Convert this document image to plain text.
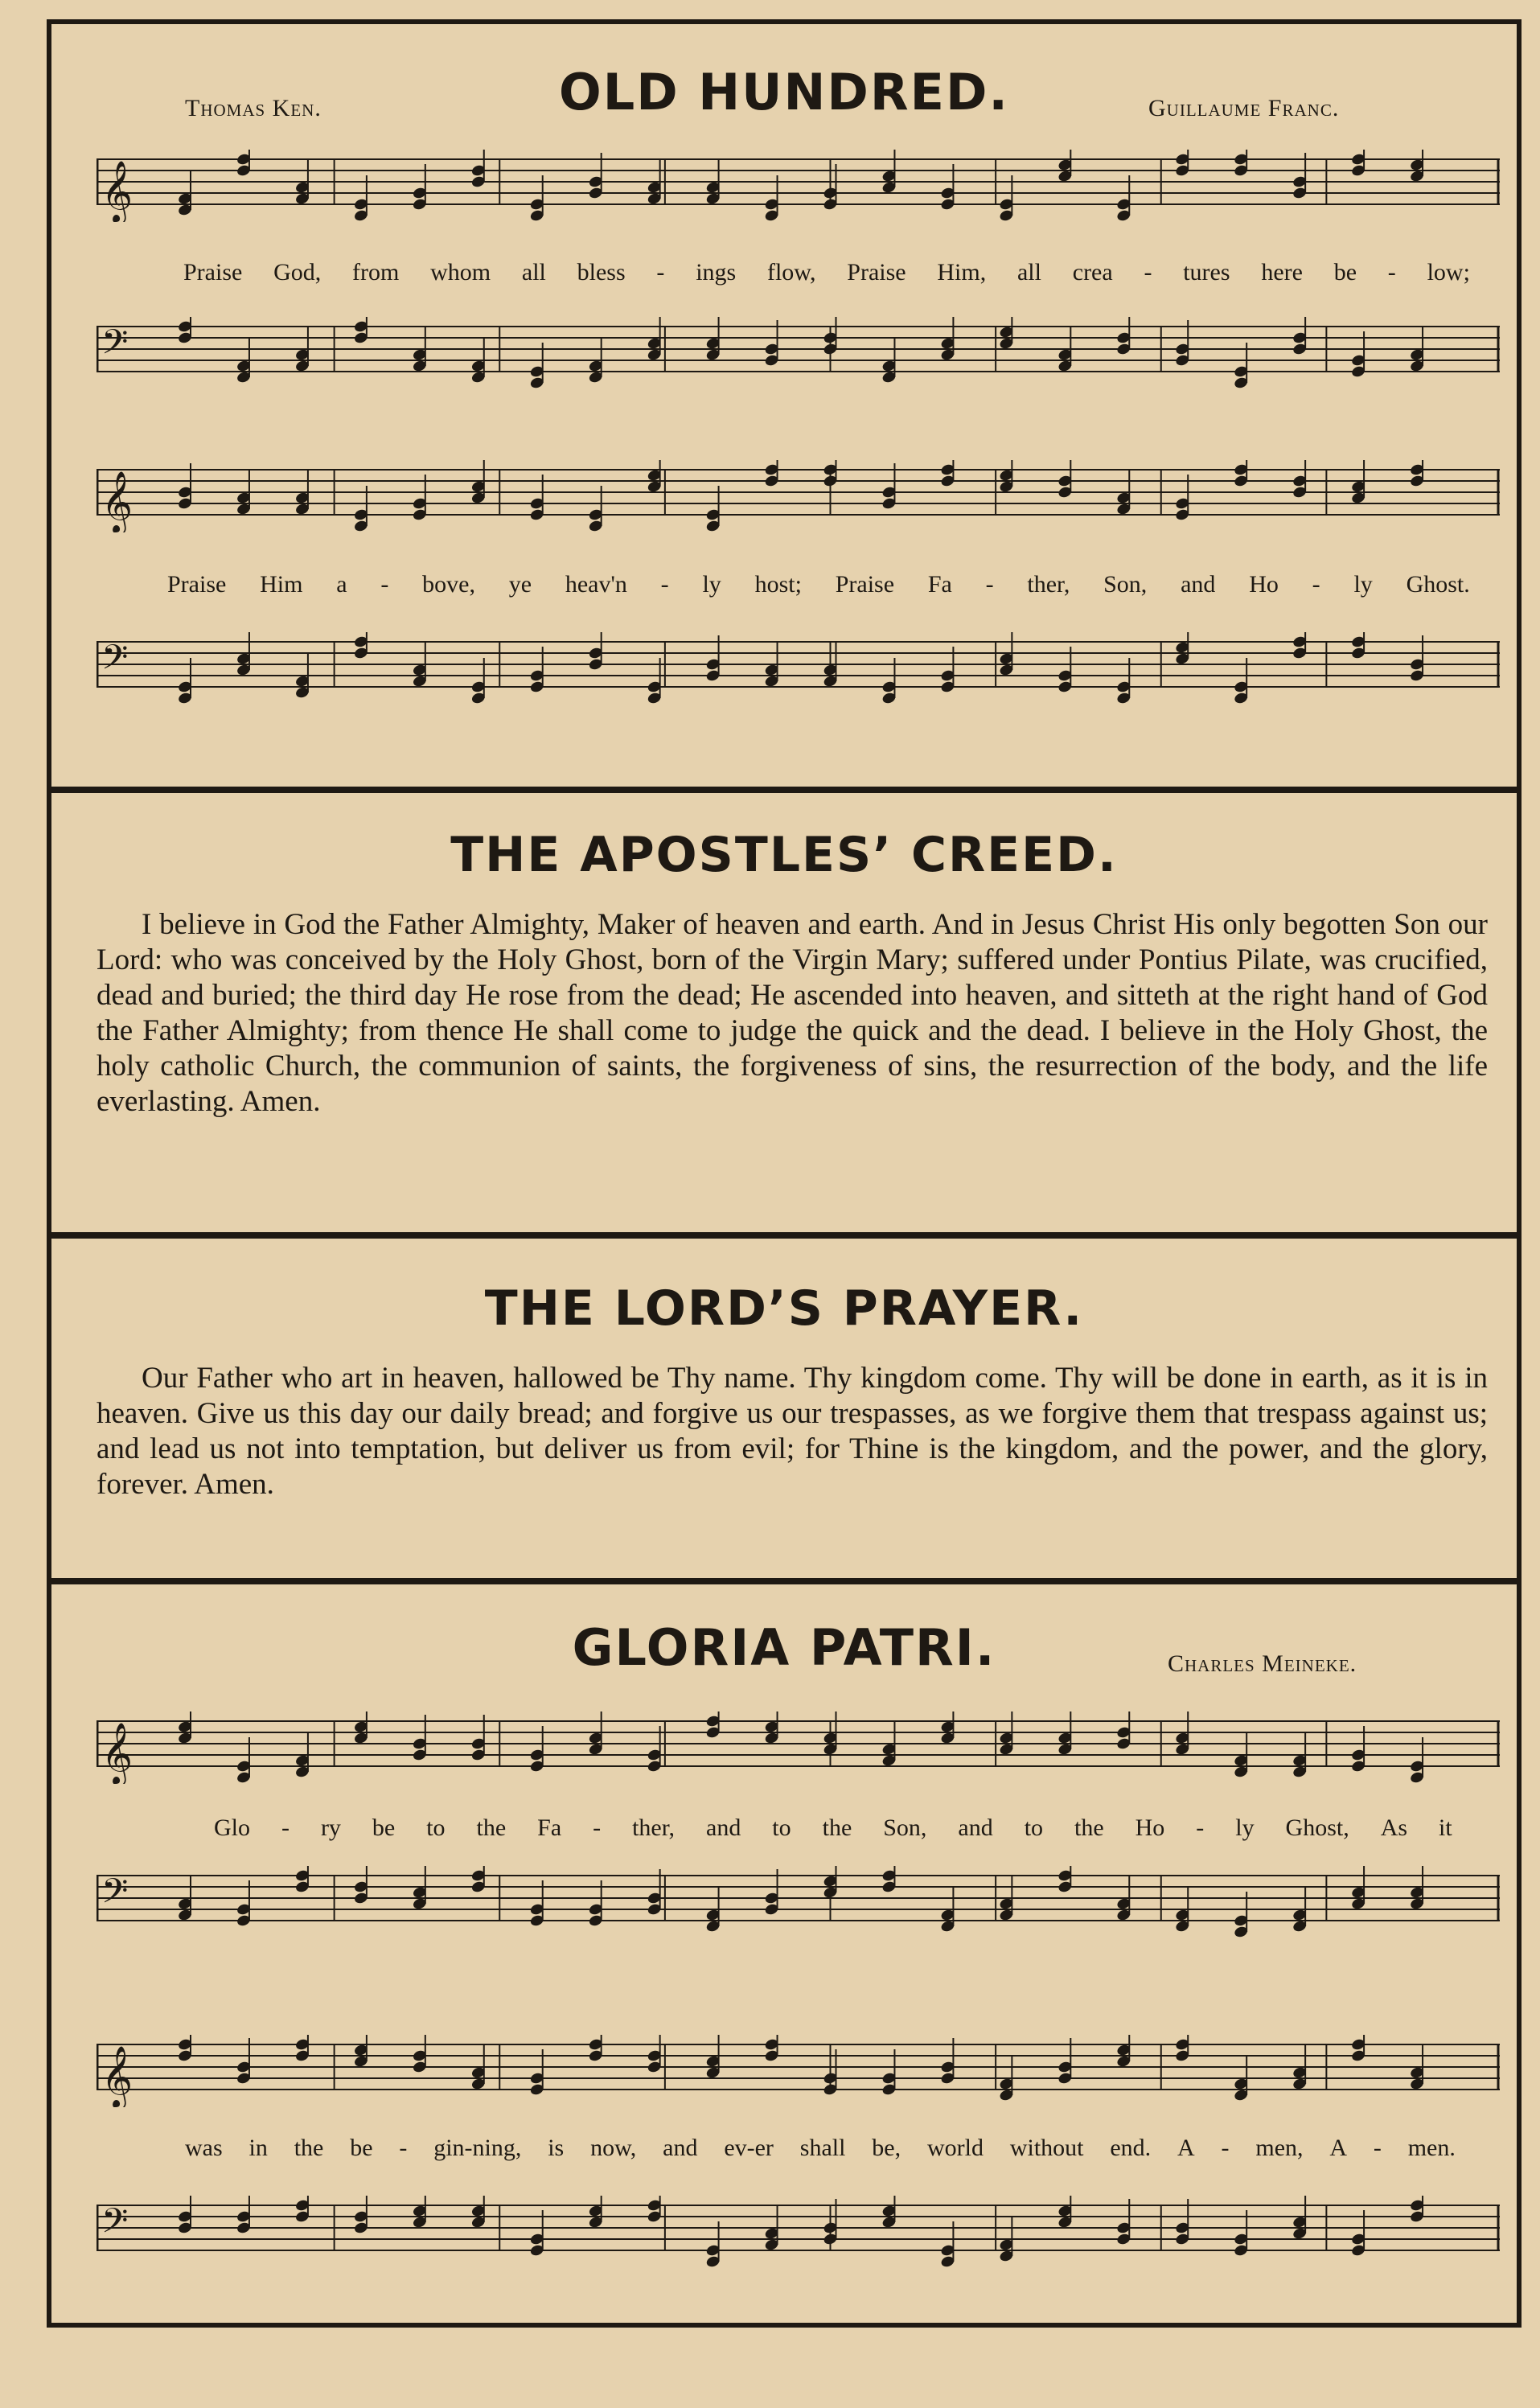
OLD HUNDRED.
Thomas Ken.	Guillaume Franc.
𝄞
Praise God, from whom all bless - ings flow, Praise Him, all crea - tures here be - low;
𝄢
𝄞
Praise Him a - bove, ye heav'n - ly host; Praise Fa - ther, Son, and Ho - ly Ghost.
𝄢
THE APOSTLES’ CREED.
I believe in God the Father Almighty, Maker of heaven and earth. And in Jesus Christ His only begotten Son our Lord: who was conceived by the Holy Ghost, born of the Virgin Mary; suffered under Pontius Pilate, was crucified, dead and buried; the third day He rose from the dead; He ascended into heaven, and sitteth at the right hand of God the Father Almighty; from thence He shall come to judge the quick and the dead. I believe in the Holy Ghost, the holy catholic Church, the communion of saints, the forgiveness of sins, the resurrection of the body, and the life everlasting. Amen.
THE LORD’S PRAYER.
Our Father who art in heaven, hallowed be Thy name. Thy kingdom come. Thy will be done in earth, as it is in heaven. Give us this day our daily bread; and forgive us our trespasses, as we forgive them that trespass against us; and lead us not into temptation, but deliver us from evil; for Thine is the kingdom, and the power, and the glory, forever. Amen.
GLORIA PATRI.	Charles Meineke.
𝄞
Glo - ry be to the Fa - ther, and to the Son, and to the Ho - ly Ghost, As it
𝄢
𝄞
was in the be - gin-ning, is now, and ev-er shall be, world without end. A - men, A - men.
𝄢
